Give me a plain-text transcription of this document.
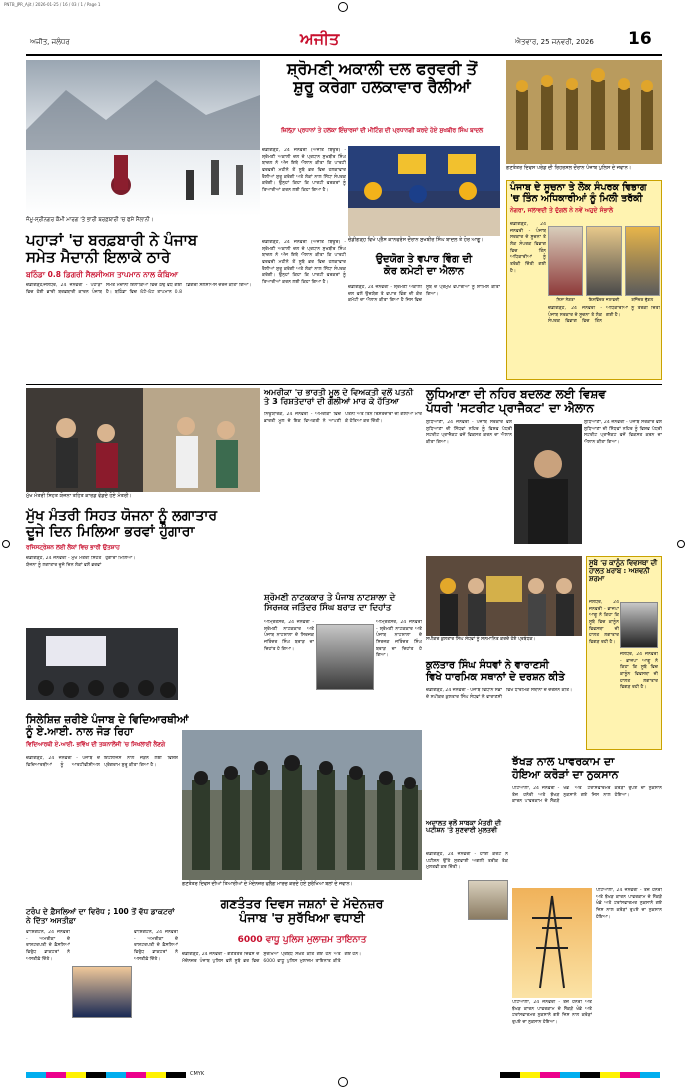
PNTB_JPR_Ajit / 2026-01-25 / 16 / 03 / 1 / Page 1
ਅਜੀਤ, ਜਲੰਧਰ	ਅਜੀਤ	ਐਤਵਾਰ, 25 ਜਨਵਰੀ, 2026 16
ਜੰਮੂ-ਸ੍ਰੀਨਗਰ ਕੌਮੀ ਮਾਰਗ 'ਤੇ ਭਾਰੀ ਬਰਫ਼ਬਾਰੀ 'ਚ ਫਸੇ ਸੈਲਾਨੀ।
ਪਹਾੜਾਂ 'ਚ ਬਰਫ਼ਬਾਰੀ ਨੇ ਪੰਜਾਬ
ਸਮੇਤ ਮੈਦਾਨੀ ਇਲਾਕੇ ਠਾਰੇ
ਬਠਿੰਡਾ 0.8 ਡਿਗਰੀ ਸੈਲਸੀਅਸ ਤਾਪਮਾਨ ਨਾਲ ਕੰਬਿਆ
ਚੰਡੀਗੜ੍ਹ/ਜਲੰਧਰ, 24 ਜਨਵਰੀ - ਪਹਾੜਾਂ ਵਿਚ ਹੋਈ ਭਾਰੀ ਬਰਫ਼ਬਾਰੀ ਕਾਰਨ ਪੰਜਾਬ ਸਮੇਤ ਮੈਦਾਨੀ ਇਲਾਕਿਆਂ ਵਿਚ ਠੰਢ ਵਧ ਗਈ ਹੈ। ਬਠਿੰਡਾ ਵਿਚ ਘੱਟੋ-ਘੱਟ ਤਾਪਮਾਨ 0.8 ਡਿਗਰੀ ਸੈਲਸੀਅਸ ਦਰਜ ਕੀਤਾ ਗਿਆ।
ਸ਼੍ਰੋਮਣੀ ਅਕਾਲੀ ਦਲ ਫਰਵਰੀ ਤੋਂ
ਸ਼ੁਰੂ ਕਰੇਗਾ ਹਲਕਾਵਾਰ ਰੈਲੀਆਂ
ਜ਼ਿਲ੍ਹਾ ਪ੍ਰਧਾਨਾਂ ਤੇ ਹਲਕਾ ਇੰਚਾਰਜਾਂ ਦੀ ਮੀਟਿੰਗ ਦੀ ਪ੍ਰਧਾਨਗੀ ਕਰਦੇ ਹੋਏ ਸੁਖਬੀਰ ਸਿੰਘ ਬਾਦਲ
ਚੰਡੀਗੜ੍ਹ, 24 ਜਨਵਰੀ (ਅਜੀਤ ਬਿਊਰੋ) - ਸ਼੍ਰੋਮਣੀ ਅਕਾਲੀ ਦਲ ਦੇ ਪ੍ਰਧਾਨ ਸੁਖਬੀਰ ਸਿੰਘ ਬਾਦਲ ਨੇ ਅੱਜ ਇਥੇ ਐਲਾਨ ਕੀਤਾ ਕਿ ਪਾਰਟੀ ਫਰਵਰੀ ਮਹੀਨੇ ਤੋਂ ਸੂਬੇ ਭਰ ਵਿਚ ਹਲਕਾਵਾਰ ਰੈਲੀਆਂ ਸ਼ੁਰੂ ਕਰੇਗੀ ਅਤੇ ਲੋਕਾਂ ਨਾਲ ਸਿੱਧਾ ਸੰਪਰਕ ਕਰੇਗੀ। ਉਨ੍ਹਾਂ ਕਿਹਾ ਕਿ ਪਾਰਟੀ ਵਰਕਰਾਂ ਨੂੰ ਤਿਆਰੀਆਂ ਕਰਨ ਲਈ ਕਿਹਾ ਗਿਆ ਹੈ।
ਚੰਡੀਗੜ੍ਹ ਵਿਖੇ ਪ੍ਰੈੱਸ ਕਾਨਫਰੰਸ ਦੌਰਾਨ ਸੁਖਬੀਰ ਸਿੰਘ ਬਾਦਲ ਤੇ ਹੋਰ ਆਗੂ।
ਉਦਯੋਗ ਤੇ ਵਪਾਰ ਵਿੰਗ ਦੀ
ਕੋਰ ਕਮੇਟੀ ਦਾ ਐਲਾਨ
ਚੰਡੀਗੜ੍ਹ, 24 ਜਨਵਰੀ (ਅਜੀਤ ਬਿਊਰੋ) - ਸ਼੍ਰੋਮਣੀ ਅਕਾਲੀ ਦਲ ਦੇ ਪ੍ਰਧਾਨ ਸੁਖਬੀਰ ਸਿੰਘ ਬਾਦਲ ਨੇ ਅੱਜ ਇਥੇ ਐਲਾਨ ਕੀਤਾ ਕਿ ਪਾਰਟੀ ਫਰਵਰੀ ਮਹੀਨੇ ਤੋਂ ਸੂਬੇ ਭਰ ਵਿਚ ਹਲਕਾਵਾਰ ਰੈਲੀਆਂ ਸ਼ੁਰੂ ਕਰੇਗੀ ਅਤੇ ਲੋਕਾਂ ਨਾਲ ਸਿੱਧਾ ਸੰਪਰਕ ਕਰੇਗੀ। ਉਨ੍ਹਾਂ ਕਿਹਾ ਕਿ ਪਾਰਟੀ ਵਰਕਰਾਂ ਨੂੰ ਤਿਆਰੀਆਂ ਕਰਨ ਲਈ ਕਿਹਾ ਗਿਆ ਹੈ।
ਚੰਡੀਗੜ੍ਹ, 24 ਜਨਵਰੀ - ਸ਼੍ਰੋਮਣੀ ਅਕਾਲੀ ਦਲ ਵਲੋਂ ਉਦਯੋਗ ਤੇ ਵਪਾਰ ਵਿੰਗ ਦੀ ਕੋਰ ਕਮੇਟੀ ਦਾ ਐਲਾਨ ਕੀਤਾ ਗਿਆ ਹੈ ਜਿਸ ਵਿਚ ਸੂਬੇ ਦੇ ਪ੍ਰਮੁੱਖ ਵਪਾਰੀਆਂ ਨੂੰ ਸ਼ਾਮਿਲ ਕੀਤਾ ਗਿਆ।
ਗਣਤੰਤਰ ਦਿਵਸ ਪਰੇਡ ਦੀ ਰਿਹਰਸਲ ਦੌਰਾਨ ਪੰਜਾਬ ਪੁਲਿਸ ਦੇ ਜਵਾਨ।
ਪੰਜਾਬ ਦੇ ਸੂਚਨਾ ਤੇ ਲੋਕ ਸੰਪਰਕ ਵਿਭਾਗ
'ਚ ਤਿੰਨ ਅਧਿਕਾਰੀਆਂ ਨੂੰ ਮਿਲੀ ਤਰੱਕੀ
ਨੇਗਰਾ, ਜਲਾਵਦੀ ਤੇ ਦੁੱਗਲ ਨੇ ਨਵੇਂ ਅਹੁਦੇ ਸੰਭਾਲੇ
ਚੰਡੀਗੜ੍ਹ, 24 ਜਨਵਰੀ - ਪੰਜਾਬ ਸਰਕਾਰ ਦੇ ਸੂਚਨਾ ਤੇ ਲੋਕ ਸੰਪਰਕ ਵਿਭਾਗ ਵਿਚ ਤਿੰਨ ਅਧਿਕਾਰੀਆਂ ਨੂੰ ਤਰੱਕੀ ਦਿੱਤੀ ਗਈ ਹੈ।
ਨਿਸ਼ਾ ਨੇਗਰਾ	ਇਸ਼ਵਿੰਦਰ ਜਲਾਵਦੀ	ਰਜਿੰਦਰ ਦੁੱਗਲ
ਚੰਡੀਗੜ੍ਹ, 24 ਜਨਵਰੀ - ਪੰਜਾਬ ਸਰਕਾਰ ਦੇ ਸੂਚਨਾ ਤੇ ਲੋਕ ਸੰਪਰਕ ਵਿਭਾਗ ਵਿਚ ਤਿੰਨ ਅਧਿਕਾਰੀਆਂ ਨੂੰ ਤਰੱਕੀ ਦਿੱਤੀ ਗਈ ਹੈ।
ਮੁੱਖ ਮੰਤਰੀ ਸਿਹਤ ਯੋਜਨਾ ਤਹਿਤ ਕਾਰਡ ਵੰਡਦੇ ਹੋਏ ਮੰਤਰੀ।
ਮੁੱਖ ਮੰਤਰੀ ਸਿਹਤ ਯੋਜਨਾ ਨੂੰ ਲਗਾਤਾਰ
ਦੂਜੇ ਦਿਨ ਮਿਲਿਆ ਭਰਵਾਂ ਹੁੰਗਾਰਾ
ਰਜਿਸਟ੍ਰੇਸ਼ਨ ਲਈ ਲੋਕਾਂ ਵਿਚ ਭਾਰੀ ਉਤਸ਼ਾਹ
ਚੰਡੀਗੜ੍ਹ, 24 ਜਨਵਰੀ - ਮੁੱਖ ਮੰਤਰੀ ਸਿਹਤ ਯੋਜਨਾ ਨੂੰ ਲਗਾਤਾਰ ਦੂਜੇ ਦਿਨ ਲੋਕਾਂ ਵਲੋਂ ਭਰਵਾਂ ਹੁੰਗਾਰਾ ਮਿਲਿਆ।
ਸਿਲੇਸ਼ਿਜ਼ ਜ਼ਰੀਏ ਪੰਜਾਬ ਦੇ ਵਿਦਿਆਰਥੀਆਂ
ਨੂੰ ਏ.ਆਈ. ਨਾਲ ਜੋੜ ਰਿਹਾ
ਵਿਦਿਆਰਥੀ ਏ.ਆਈ. ਭਵਿੱਖ ਦੀ ਤਕਨਾਲੋਜੀ 'ਚ ਸਿਖਲਾਈ ਲੈਣਗੇ
ਚੰਡੀਗੜ੍ਹ, 24 ਜਨਵਰੀ - ਪੰਜਾਬ ਦੇ ਵਿਦਿਆਰਥੀਆਂ ਨੂੰ ਆਰਟੀਫੀਸ਼ੀਅਲ ਇੰਟੈਲੀਜੈਂਸ ਨਾਲ ਜੋੜਨ ਲਈ ਵਿਸ਼ੇਸ਼ ਪ੍ਰੋਗਰਾਮ ਸ਼ੁਰੂ ਕੀਤਾ ਗਿਆ ਹੈ।
ਅਮਰੀਕਾ 'ਚ ਭਾਰਤੀ ਮੂਲ ਦੇ ਵਿਅਕਤੀ ਵਲੋਂ ਪਤਨੀ
ਤੇ 3 ਰਿਸ਼ਤੇਦਾਰਾਂ ਦੀ ਗੋਲੀਆਂ ਮਾਰ ਕੇ ਹੱਤਿਆ
ਨਿਊਯਾਰਕ, 24 ਜਨਵਰੀ - ਅਮਰੀਕਾ ਵਿਚ ਭਾਰਤੀ ਮੂਲ ਦੇ ਇਕ ਵਿਅਕਤੀ ਨੇ ਆਪਣੀ ਪਤਨੀ ਅਤੇ ਤਿੰਨ ਰਿਸ਼ਤੇਦਾਰਾਂ ਦੀ ਗੋਲੀਆਂ ਮਾਰ ਕੇ ਹੱਤਿਆ ਕਰ ਦਿੱਤੀ।
ਸ਼੍ਰੋਮਣੀ ਨਾਟਕਕਾਰ ਤੇ ਪੰਜਾਬ ਨਾਟਸ਼ਾਲਾ ਦੇ
ਸਿਰਜਕ ਜਤਿੰਦਰ ਸਿੰਘ ਬਰਾੜ ਦਾ ਦਿਹਾਂਤ
ਅੰਮ੍ਰਿਤਸਰ, 24 ਜਨਵਰੀ - ਸ਼੍ਰੋਮਣੀ ਨਾਟਕਕਾਰ ਅਤੇ ਪੰਜਾਬ ਨਾਟਸ਼ਾਲਾ ਦੇ ਸਿਰਜਕ ਜਤਿੰਦਰ ਸਿੰਘ ਬਰਾੜ ਦਾ ਦਿਹਾਂਤ ਹੋ ਗਿਆ।
ਅੰਮ੍ਰਿਤਸਰ, 24 ਜਨਵਰੀ - ਸ਼੍ਰੋਮਣੀ ਨਾਟਕਕਾਰ ਅਤੇ ਪੰਜਾਬ ਨਾਟਸ਼ਾਲਾ ਦੇ ਸਿਰਜਕ ਜਤਿੰਦਰ ਸਿੰਘ ਬਰਾੜ ਦਾ ਦਿਹਾਂਤ ਹੋ ਗਿਆ।
ਲੁਧਿਆਣਾ ਦੀ ਨਹਿਰ ਬਦਲਣ ਲਈ ਵਿਸ਼ਵ
ਪੱਧਰੀ 'ਸਟਰੀਟ ਪ੍ਰਾਜੈਕਟ' ਦਾ ਐਲਾਨ
ਲੁਧਿਆਣਾ, 24 ਜਨਵਰੀ - ਪੰਜਾਬ ਸਰਕਾਰ ਵਲੋਂ ਲੁਧਿਆਣਾ ਦੀ ਸਿੱਧਵਾਂ ਨਹਿਰ ਨੂੰ ਵਿਸ਼ਵ ਪੱਧਰੀ ਸਟਰੀਟ ਪ੍ਰਾਜੈਕਟ ਵਜੋਂ ਵਿਕਸਤ ਕਰਨ ਦਾ ਐਲਾਨ ਕੀਤਾ ਗਿਆ।
ਲੁਧਿਆਣਾ, 24 ਜਨਵਰੀ - ਪੰਜਾਬ ਸਰਕਾਰ ਵਲੋਂ ਲੁਧਿਆਣਾ ਦੀ ਸਿੱਧਵਾਂ ਨਹਿਰ ਨੂੰ ਵਿਸ਼ਵ ਪੱਧਰੀ ਸਟਰੀਟ ਪ੍ਰਾਜੈਕਟ ਵਜੋਂ ਵਿਕਸਤ ਕਰਨ ਦਾ ਐਲਾਨ ਕੀਤਾ ਗਿਆ।
ਸਪੀਕਰ ਕੁਲਤਾਰ ਸਿੰਘ ਸੰਧਵਾਂ ਨੂੰ ਸਨਮਾਨਿਤ ਕਰਦੇ ਹੋਏ ਪ੍ਰਬੰਧਕ।
ਕੁਲਤਾਰ ਸਿੰਘ ਸੰਧਵਾਂ ਨੇ ਵਾਰਾਣਸੀ
ਵਿਖੇ ਧਾਰਮਿਕ ਸਥਾਨਾਂ ਦੇ ਦਰਸ਼ਨ ਕੀਤੇ
ਚੰਡੀਗੜ੍ਹ, 24 ਜਨਵਰੀ - ਪੰਜਾਬ ਵਿਧਾਨ ਸਭਾ ਦੇ ਸਪੀਕਰ ਕੁਲਤਾਰ ਸਿੰਘ ਸੰਧਵਾਂ ਨੇ ਵਾਰਾਣਸੀ ਵਿਖੇ ਧਾਰਮਿਕ ਸਥਾਨਾਂ ਦੇ ਦਰਸ਼ਨ ਕੀਤੇ।
ਸੂਬੇ 'ਚ ਕਾਨੂੰਨ ਵਿਵਸਥਾ ਦੀ ਹਾਲਤ ਖ਼ਰਾਬ : ਅਸ਼ਵਨੀ ਸ਼ਰਮਾ
ਜਲੰਧਰ, 24 ਜਨਵਰੀ - ਭਾਜਪਾ ਆਗੂ ਨੇ ਕਿਹਾ ਕਿ ਸੂਬੇ ਵਿਚ ਕਾਨੂੰਨ ਵਿਵਸਥਾ ਦੀ ਹਾਲਤ ਲਗਾਤਾਰ ਵਿਗੜ ਰਹੀ ਹੈ।
ਜਲੰਧਰ, 24 ਜਨਵਰੀ - ਭਾਜਪਾ ਆਗੂ ਨੇ ਕਿਹਾ ਕਿ ਸੂਬੇ ਵਿਚ ਕਾਨੂੰਨ ਵਿਵਸਥਾ ਦੀ ਹਾਲਤ ਲਗਾਤਾਰ ਵਿਗੜ ਰਹੀ ਹੈ।
ਗਣਤੰਤਰ ਦਿਵਸ ਦੀਆਂ ਤਿਆਰੀਆਂ ਦੇ ਮੱਦੇਨਜ਼ਰ ਫਲੈਗ ਮਾਰਚ ਕਰਦੇ ਹੋਏ ਸੁਰੱਖਿਆ ਬਲਾਂ ਦੇ ਜਵਾਨ।
ਗਣਤੰਤਰ ਦਿਵਸ ਜਸ਼ਨਾਂ ਦੇ ਮੱਦੇਨਜ਼ਰ
ਪੰਜਾਬ 'ਚ ਸੁਰੱਖਿਆ ਵਧਾਈ
6000 ਵਾਧੂ ਪੁਲਿਸ ਮੁਲਾਜ਼ਮ ਤਾਇਨਾਤ
ਚੰਡੀਗੜ੍ਹ, 24 ਜਨਵਰੀ - ਗਣਤੰਤਰ ਦਿਵਸ ਦੇ ਮੱਦੇਨਜ਼ਰ ਪੰਜਾਬ ਪੁਲਿਸ ਵਲੋਂ ਸੂਬੇ ਭਰ ਵਿਚ ਸੁਰੱਖਿਆ ਪ੍ਰਬੰਧ ਸਖ਼ਤ ਕੀਤੇ ਗਏ ਹਨ ਅਤੇ 6000 ਵਾਧੂ ਪੁਲਿਸ ਮੁਲਾਜ਼ਮ ਤਾਇਨਾਤ ਕੀਤੇ ਗਏ ਹਨ।
ਟਰੰਪ ਦੇ ਫ਼ੈਸਲਿਆਂ ਦਾ ਵਿਰੋਧ ; 100 ਤੋਂ ਵੱਧ ਡਾਕਟਰਾਂ ਨੇ ਦਿੱਤਾ ਅਸਤੀਫ਼ਾ
ਵਾਸ਼ਿੰਗਟਨ, 24 ਜਨਵਰੀ - ਅਮਰੀਕਾ ਦੇ ਰਾਸ਼ਟਰਪਤੀ ਦੇ ਫ਼ੈਸਲਿਆਂ ਵਿਰੁੱਧ ਡਾਕਟਰਾਂ ਨੇ ਅਸਤੀਫ਼ੇ ਦਿੱਤੇ।
ਵਾਸ਼ਿੰਗਟਨ, 24 ਜਨਵਰੀ - ਅਮਰੀਕਾ ਦੇ ਰਾਸ਼ਟਰਪਤੀ ਦੇ ਫ਼ੈਸਲਿਆਂ ਵਿਰੁੱਧ ਡਾਕਟਰਾਂ ਨੇ ਅਸਤੀਫ਼ੇ ਦਿੱਤੇ।
ਅਦਾਲਤ ਵਲੋਂ ਸਾਬਕਾ ਮੰਤਰੀ ਦੀ ਪਟੀਸ਼ਨ 'ਤੇ ਸੁਣਵਾਈ ਮੁਲਤਵੀ
ਚੰਡੀਗੜ੍ਹ, 24 ਜਨਵਰੀ - ਹਾਈ ਕੋਰਟ ਨੇ ਪਟੀਸ਼ਨ ਉੱਤੇ ਸੁਣਵਾਈ ਅਗਲੀ ਤਰੀਕ ਤੱਕ ਮੁਲਤਵੀ ਕਰ ਦਿੱਤੀ।
ਝੱਖੜ ਨਾਲ ਪਾਵਰਕਾਮ ਦਾ
ਹੋਇਆ ਕਰੋੜਾਂ ਦਾ ਨੁਕਸਾਨ
ਪਟਿਆਲਾ, 24 ਜਨਵਰੀ - ਤੇਜ਼ ਹਨੇਰੀ ਅਤੇ ਝੱਖੜ ਕਾਰਨ ਪਾਵਰਕਾਮ ਦੇ ਸੈਂਕੜੇ ਖੰਭੇ ਅਤੇ ਟਰਾਂਸਫਾਰਮਰ ਨੁਕਸਾਨੇ ਗਏ ਜਿਸ ਨਾਲ ਕਰੋੜਾਂ ਰੁਪਏ ਦਾ ਨੁਕਸਾਨ ਹੋਇਆ।
ਪਟਿਆਲਾ, 24 ਜਨਵਰੀ - ਤੇਜ਼ ਹਨੇਰੀ ਅਤੇ ਝੱਖੜ ਕਾਰਨ ਪਾਵਰਕਾਮ ਦੇ ਸੈਂਕੜੇ ਖੰਭੇ ਅਤੇ ਟਰਾਂਸਫਾਰਮਰ ਨੁਕਸਾਨੇ ਗਏ ਜਿਸ ਨਾਲ ਕਰੋੜਾਂ ਰੁਪਏ ਦਾ ਨੁਕਸਾਨ ਹੋਇਆ।
ਪਟਿਆਲਾ, 24 ਜਨਵਰੀ - ਤੇਜ਼ ਹਨੇਰੀ ਅਤੇ ਝੱਖੜ ਕਾਰਨ ਪਾਵਰਕਾਮ ਦੇ ਸੈਂਕੜੇ ਖੰਭੇ ਅਤੇ ਟਰਾਂਸਫਾਰਮਰ ਨੁਕਸਾਨੇ ਗਏ ਜਿਸ ਨਾਲ ਕਰੋੜਾਂ ਰੁਪਏ ਦਾ ਨੁਕਸਾਨ ਹੋਇਆ।
CMYK
